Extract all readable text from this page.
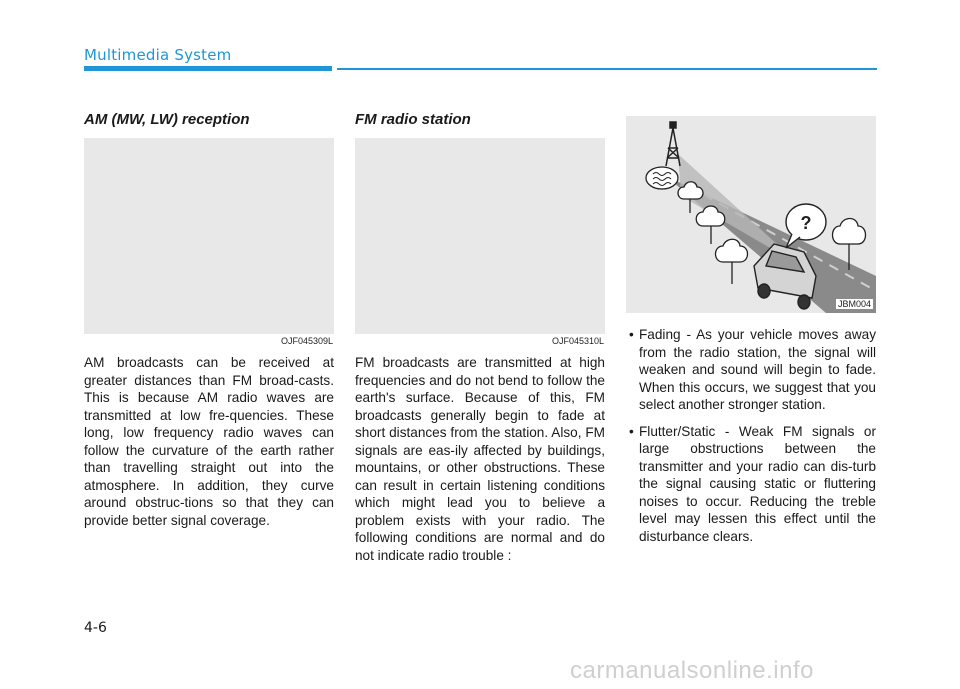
Multimedia System
AM (MW, LW) reception
OJF045309L

AM broadcasts can be received at greater distances than FM broad-casts. This is because AM radio waves are transmitted at low fre-quencies. These long, low frequency radio waves can follow the curvature of the earth rather than travelling straight out into the atmosphere. In addition, they curve around obstruc-tions so that they can provide better signal coverage.

FM radio station
OJF045310L

FM broadcasts are transmitted at high frequencies and do not bend to follow the earth's surface. Because of this, FM broadcasts generally begin to fade at short distances from the station. Also, FM signals are eas-ily affected by buildings, mountains, or other obstructions. These can result in certain listening conditions which might lead you to believe a problem exists with your radio. The following conditions are normal and do not indicate radio trouble :

?
JBM004
• Fading - As your vehicle moves away from the radio station, the signal will weaken and sound will begin to fade. When this occurs, we suggest that you select another stronger station.
• Flutter/Static - Weak FM signals or large obstructions between the transmitter and your radio can dis-turb the signal causing static or fluttering noises to occur. Reducing the treble level may lessen this effect until the disturbance clears.
4-6
carmanualsonline.info
